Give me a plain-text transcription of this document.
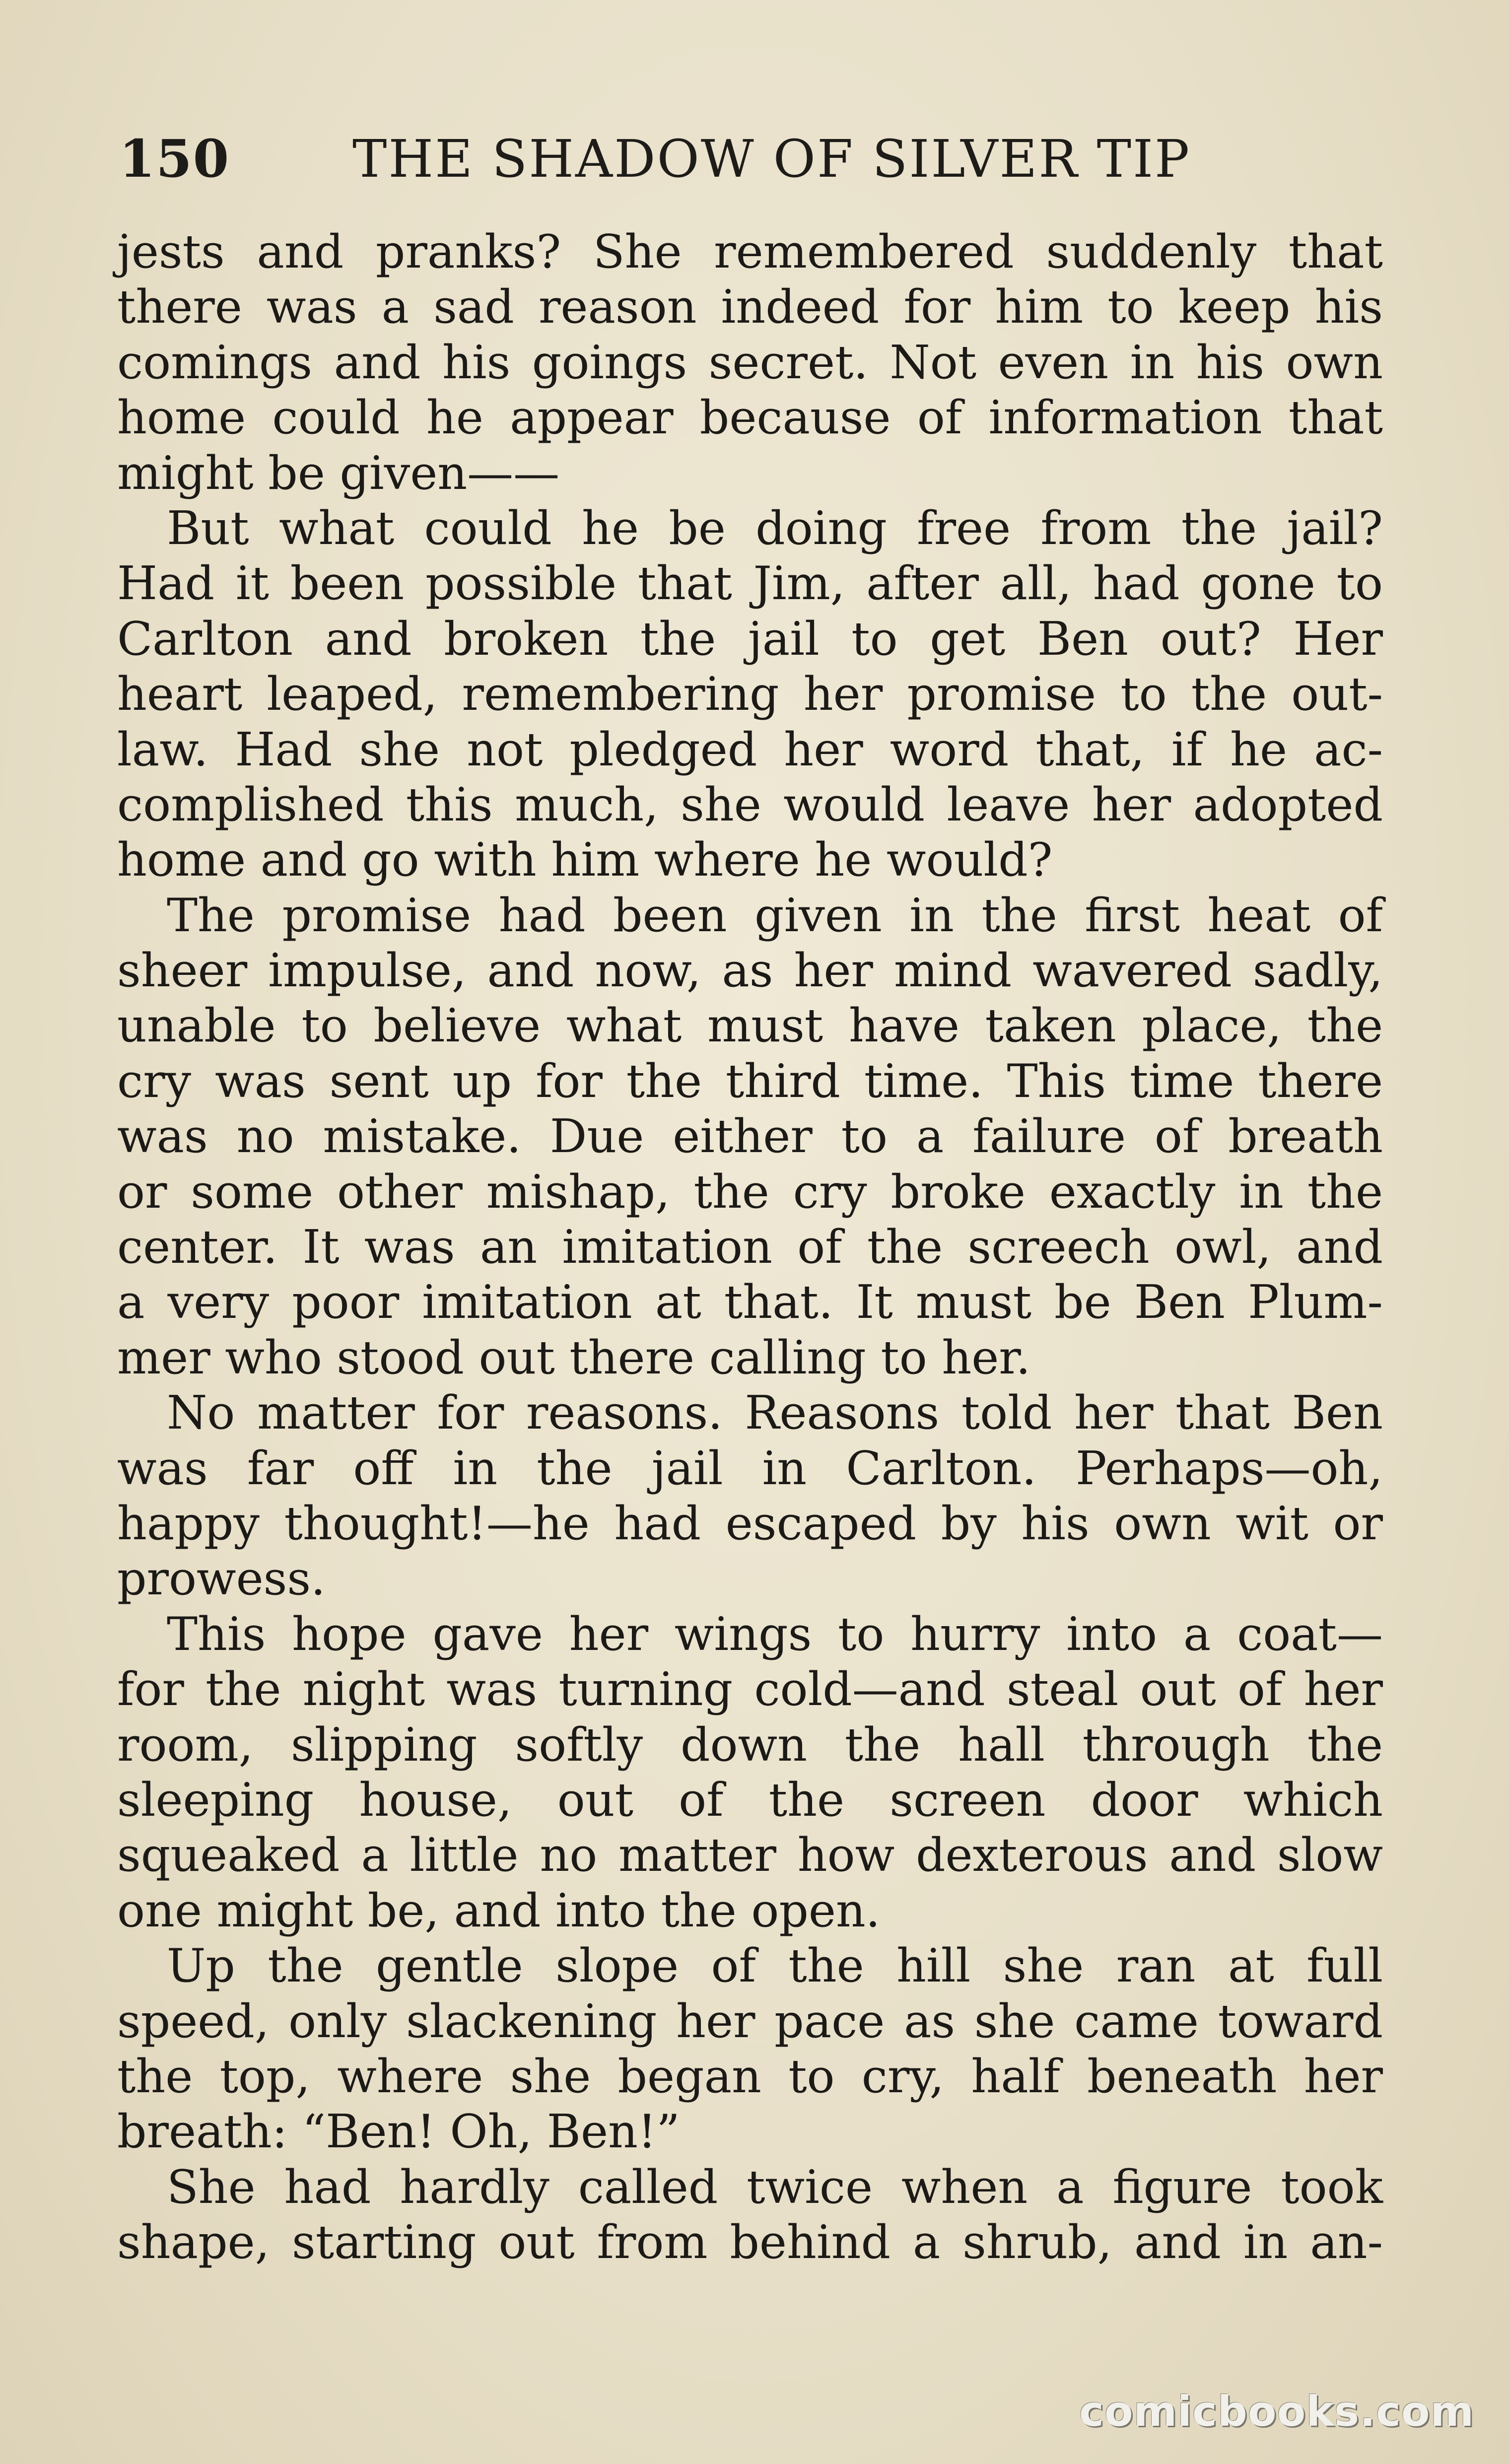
150 THE SHADOW OF SILVER TIP
jests and pranks? She remembered suddenly that
there was a sad reason indeed for him to keep his
comings and his goings secret. Not even in his own
home could he appear because of information that
might be given——
But what could he be doing free from the jail?
Had it been possible that Jim, after all, had gone to
Carlton and broken the jail to get Ben out? Her
heart leaped, remembering her promise to the out-
law. Had she not pledged her word that, if he ac-
complished this much, she would leave her adopted
home and go with him where he would?
The promise had been given in the first heat of
sheer impulse, and now, as her mind wavered sadly,
unable to believe what must have taken place, the
cry was sent up for the third time. This time there
was no mistake. Due either to a failure of breath
or some other mishap, the cry broke exactly in the
center. It was an imitation of the screech owl, and
a very poor imitation at that. It must be Ben Plum-
mer who stood out there calling to her.
No matter for reasons. Reasons told her that Ben
was far off in the jail in Carlton. Perhaps—oh,
happy thought!—he had escaped by his own wit or
prowess.
This hope gave her wings to hurry into a coat—
for the night was turning cold—and steal out of her
room, slipping softly down the hall through the
sleeping house, out of the screen door which
squeaked a little no matter how dexterous and slow
one might be, and into the open.
Up the gentle slope of the hill she ran at full
speed, only slackening her pace as she came toward
the top, where she began to cry, half beneath her
breath: “Ben! Oh, Ben!”
She had hardly called twice when a figure took
shape, starting out from behind a shrub, and in an-
comicbooks.com
